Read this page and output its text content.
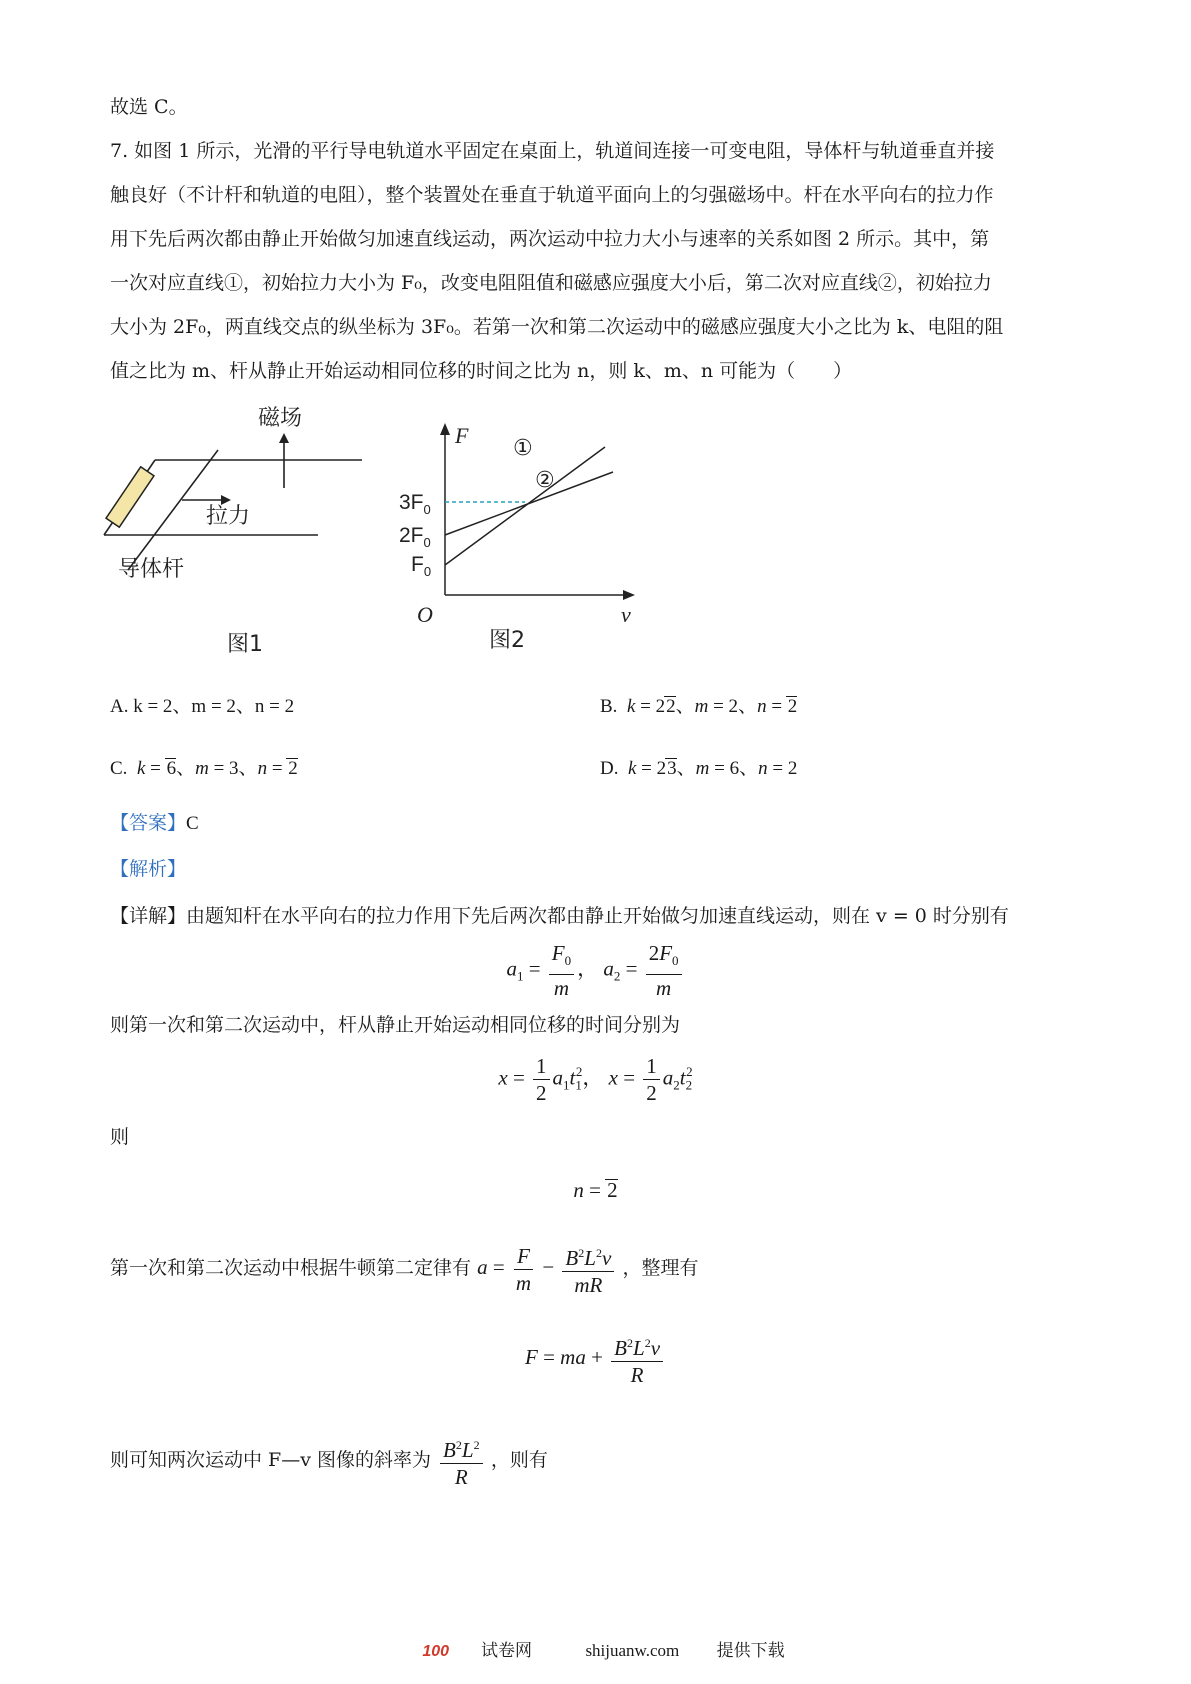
故选 C。
7. 如图 1 所示，光滑的平行导电轨道水平固定在桌面上，轨道间连接一可变电阻，导体杆与轨道垂直并接
触良好（不计杆和轨道的电阻），整个装置处在垂直于轨道平面向上的匀强磁场中。杆在水平向右的拉力作
用下先后两次都由静止开始做匀加速直线运动，两次运动中拉力大小与速率的关系如图 2 所示。其中，第
一次对应直线①，初始拉力大小为 F₀，改变电阻阻值和磁感应强度大小后，第二次对应直线②，初始拉力
大小为 2F₀，两直线交点的纵坐标为 3F₀。若第一次和第二次运动中的磁感应强度大小之比为 k、电阻的阻
值之比为 m、杆从静止开始运动相同位移的时间之比为 n，则 k、m、n 可能为（　　）
磁场
拉力
导体杆
图1
F
v
O
$3F_0$
$2F_0$
$F_0$
①
②
图2
A. k = 2、m = 2、n = 2	B. k = 22、m = 2、n = 2
C. k = 6、m = 3、n = 2	D. k = 23、m = 6、n = 2
【答案】C
【解析】
【详解】由题知杆在水平向右的拉力作用下先后两次都由静止开始做匀加速直线运动，则在 v = 0 时分别有
$a_1 = \frac{F_0}{m}$ ， $a_2 = \frac{2F_0}{m}$
则第一次和第二次运动中，杆从静止开始运动相同位移的时间分别为
$x = \frac{1}{2} a_1t_1^2$， $x = \frac{1}{2} a_2t_2^2$
则
n = 2
第一次和第二次运动中根据牛顿第二定律有 $a = \frac{F}{m} - \frac{B^2L^2v}{mR}$ ，整理有
F = ma + $\frac{B^2L^2v}{R}$
则可知两次运动中 F—v 图像的斜率为 $\frac{B^2L^2}{R}$ ，则有
100 试卷网	shijuanw.com 提供下载
